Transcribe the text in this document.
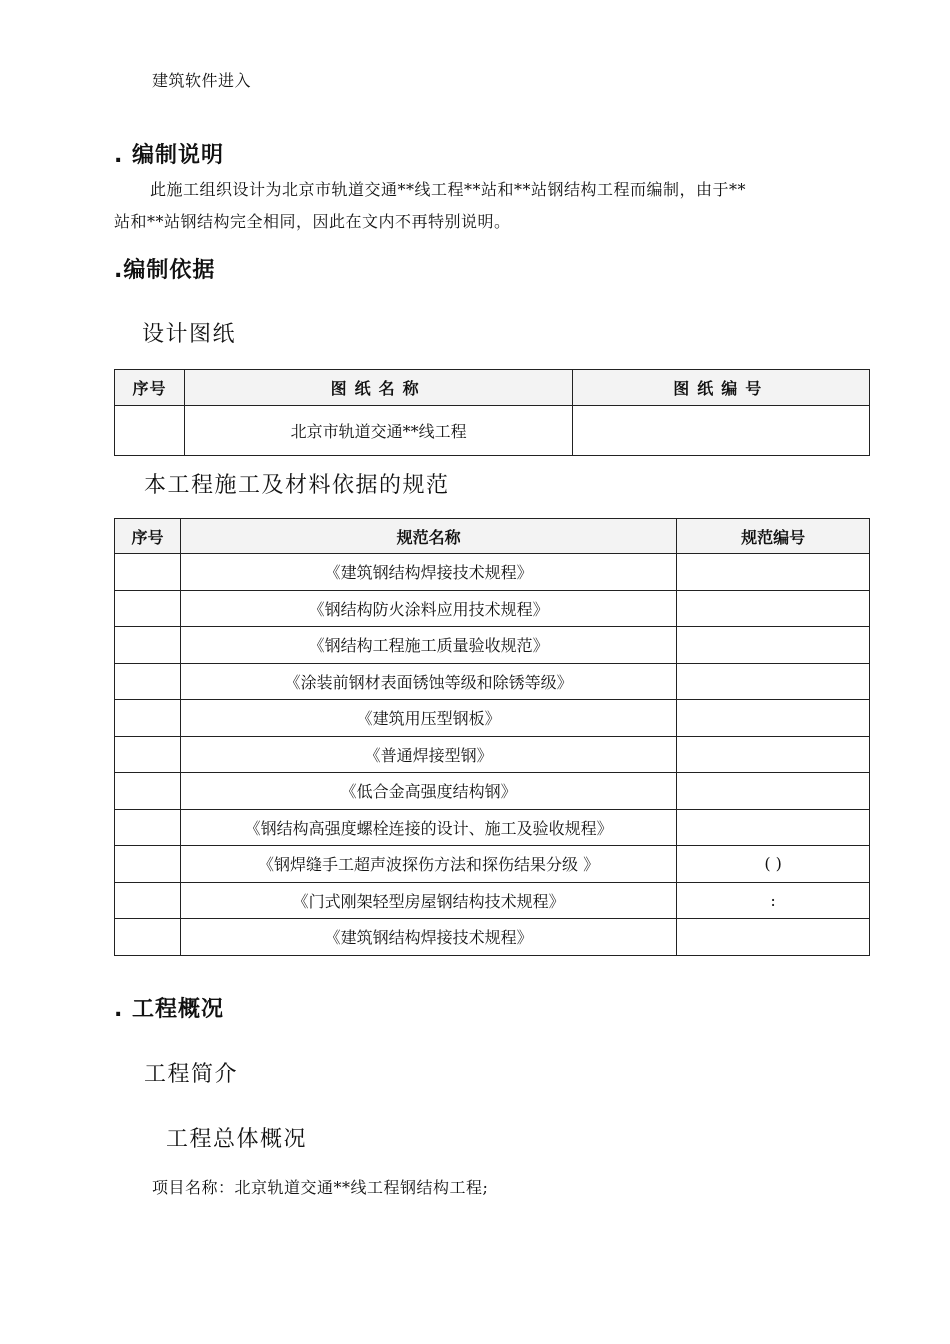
建筑软件进入
. 编制说明
此施工组织设计为北京市轨道交通**线工程**站和**站钢结构工程而编制，由于**
站和**站钢结构完全相同，因此在文内不再特别说明。
.编制依据
设计图纸
序号	图纸名称	图纸编号
	北京市轨道交通**线工程	
本工程施工及材料依据的规范
序号	规范名称	规范编号
	《建筑钢结构焊接技术规程》	
	《钢结构防火涂料应用技术规程》	
	《钢结构工程施工质量验收规范》	
	《涂装前钢材表面锈蚀等级和除锈等级》	
	《建筑用压型钢板》	
	《普通焊接型钢》	
	《低合金高强度结构钢》	
	《钢结构高强度螺栓连接的设计、施工及验收规程》	
	《钢焊缝手工超声波探伤方法和探伤结果分级 》	( )
	《门式刚架轻型房屋钢结构技术规程》	:
	《建筑钢结构焊接技术规程》	
. 工程概况
工程简介
工程总体概况
项目名称：北京轨道交通**线工程钢结构工程;
